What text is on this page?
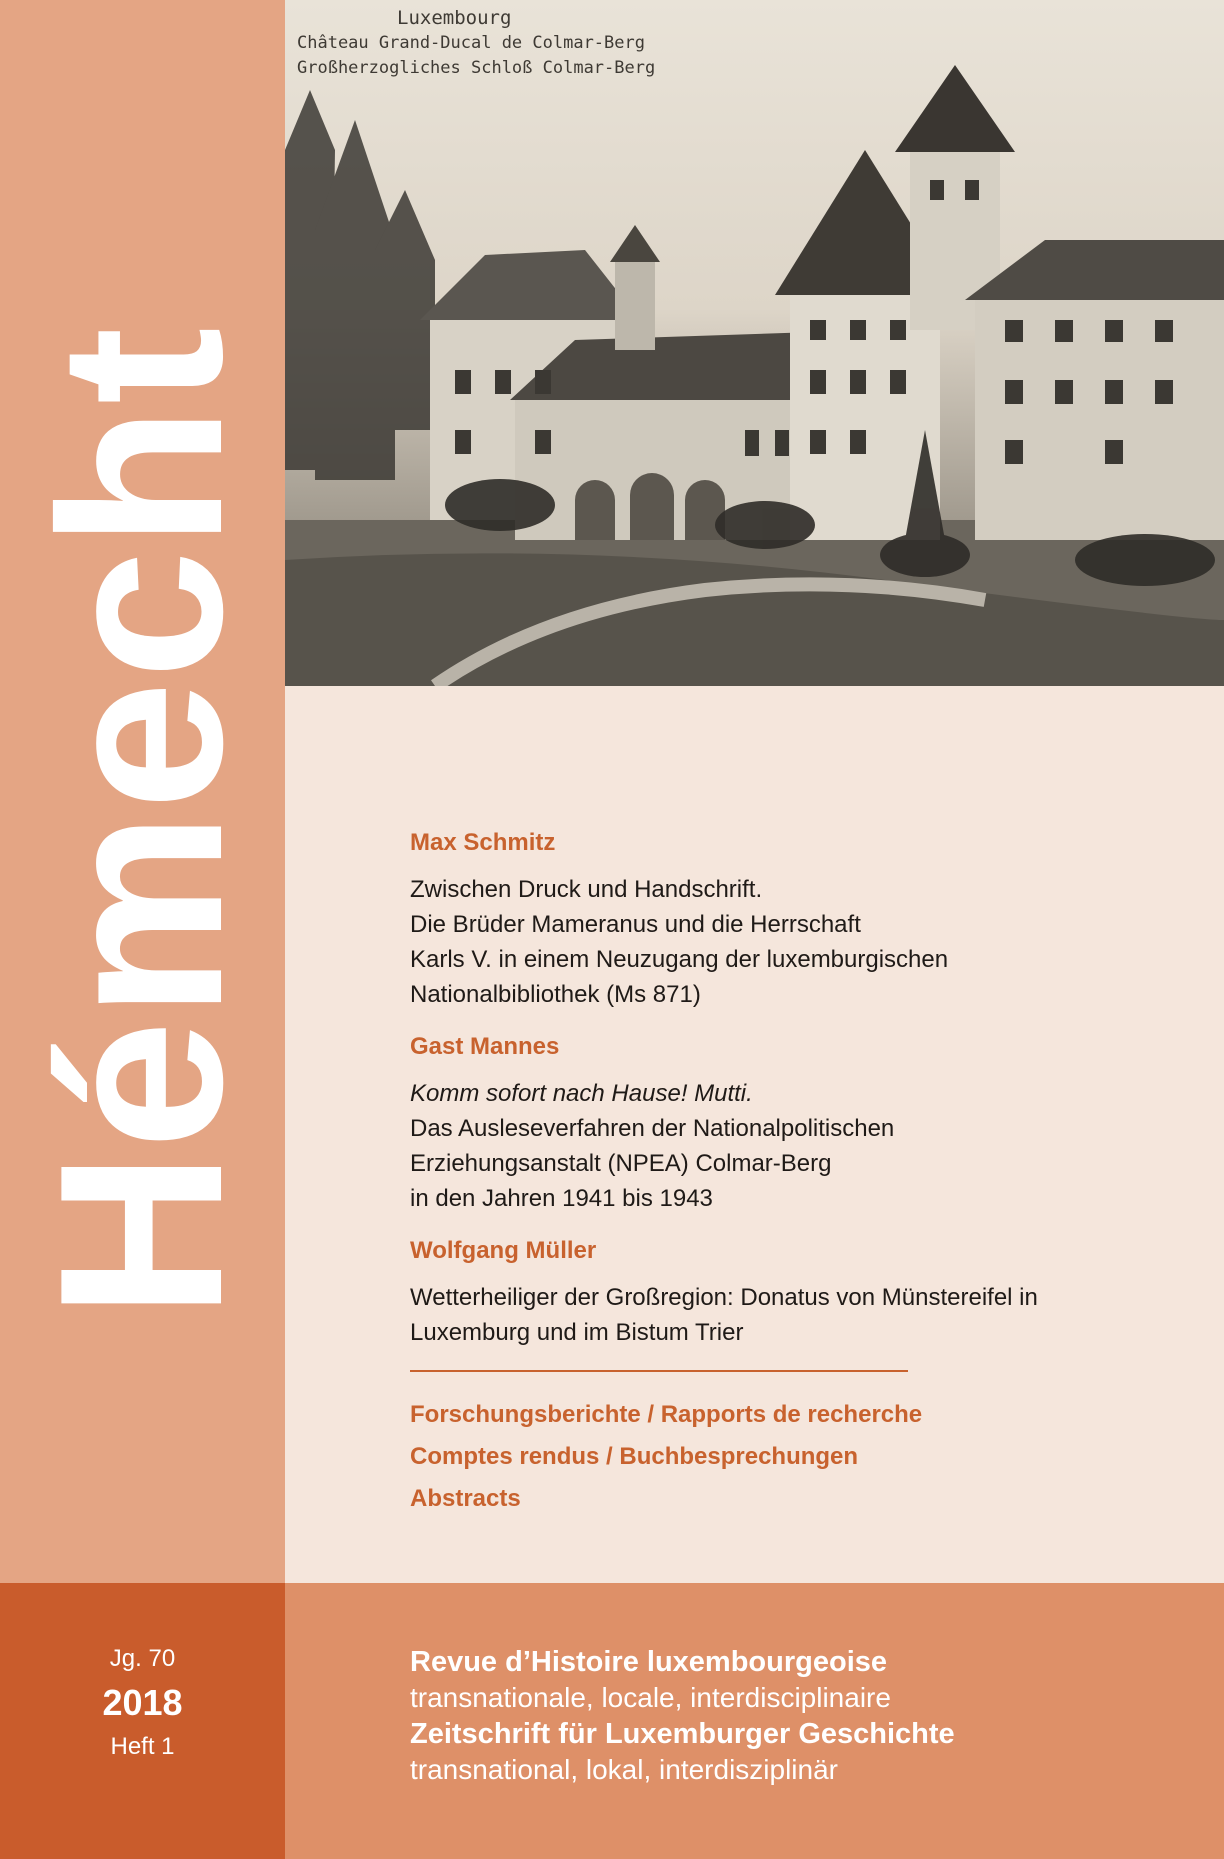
Hémecht
Luxembourg
Château Grand-Ducal de Colmar-Berg
Großherzogliches Schloß Colmar-Berg
Max Schmitz

Zwischen Druck und Handschrift.

Die Brüder Mameranus und die Herrschaft

Karls V. in einem Neuzugang der luxemburgischen

Nationalbibliothek (Ms 871)

Gast Mannes

Komm sofort nach Hause! Mutti.

Das Ausleseverfahren der Nationalpolitischen

Erziehungsanstalt (NPEA) Colmar-Berg

in den Jahren 1941 bis 1943

Wolfgang Müller

Wetterheiliger der Großregion: Donatus von Münstereifel in

Luxemburg und im Bistum Trier

Forschungsberichte / Rapports de recherche
Comptes rendus / Buchbesprechungen
Abstracts
Jg. 70
2018
Heft 1
Revue d’Histoire luxembourgeoise
transnationale, locale, interdisciplinaire
Zeitschrift für Luxemburger Geschichte
transnational, lokal, interdisziplinär
